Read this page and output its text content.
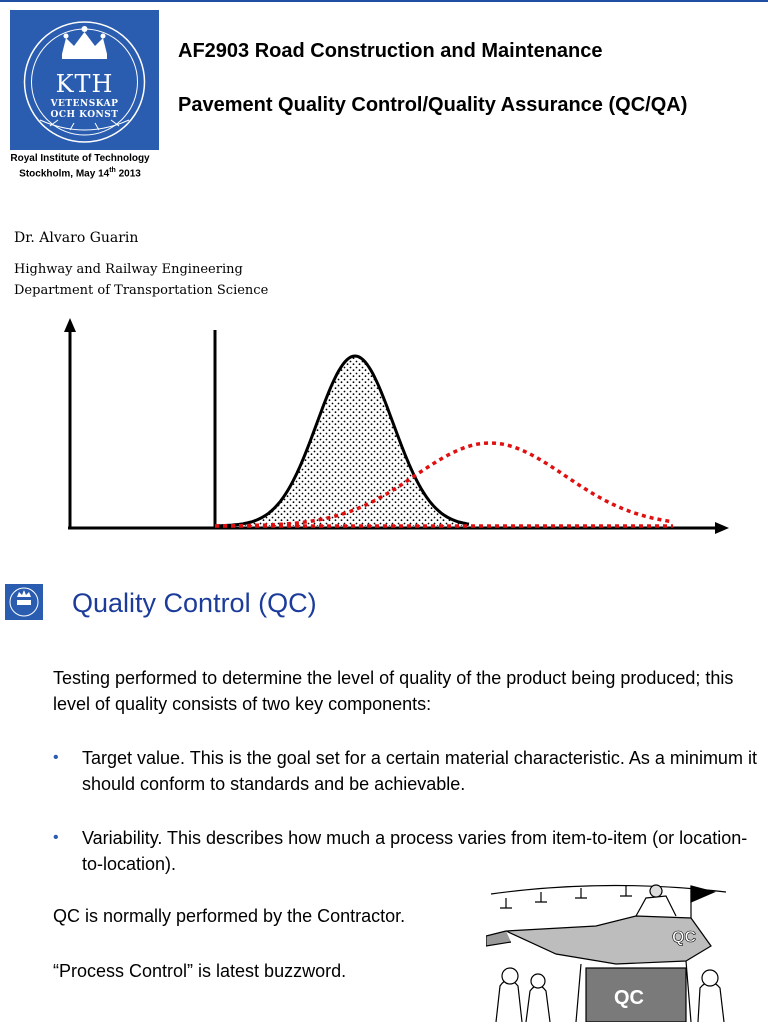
KTH
VETENSKAP
OCH KONST
AF2903 Road Construction and Maintenance
Pavement Quality Control/Quality Assurance (QC/QA)
Royal Institute of Technology
Stockholm, May 14th 2013
Dr. Alvaro Guarin
Highway and Railway Engineering
Department of Transportation Science
Quality Control (QC)
Testing performed to determine the level of quality of the product being produced; this level of quality consists of two key components:
• Target value. This is the goal set for a certain material characteristic. As a minimum it should conform to standards and be achievable.
• Variability. This describes how much a process varies from item-to-item (or location-to-location).
QC is normally performed by the Contractor.
“Process Control” is latest buzzword.
QC
QC
